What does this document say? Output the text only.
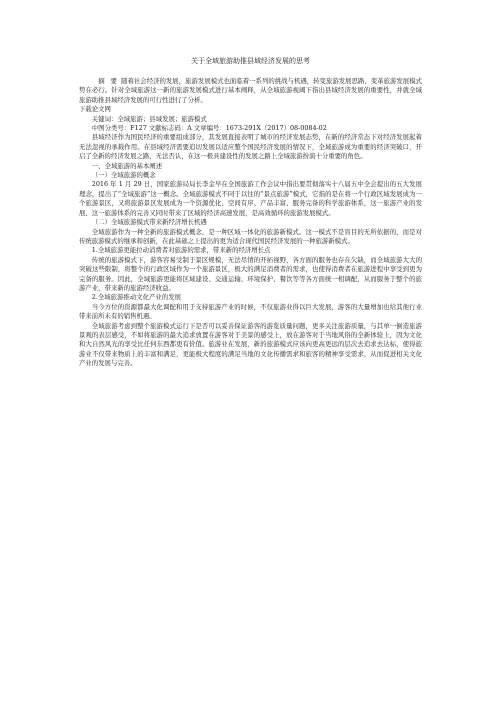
关于全域旅游助推县域经济发展的思考

摘 要 随着社会经济的发展，旅游发展模式也面临着一系列的挑战与机遇，转变旅游发展思路、变革旅游发展模式势在必行。针对全域旅游这一新的旅游发展模式进行基本阐释，从全域旅游视阈下指出县域经济发展的重要性，并就全域旅游助推县域经济发展的可行性进行了分析。

下载论文网

关键词：全域旅游；县域发展；旅游模式

中图分类号：F127 文献标志码：A 文章编号：1673-291X（2017）08-0084-02

县域经济作为国民经济的重要组成部分，其发展直接表明了城市的经济发展态势，在新的经济常态下对经济发展起着无法忽视的承载作用。在县域经济需要追切发展以适应整个国民经济发展的情况下，全域旅游成为重要的经济突破口，开启了全新的经济发展之路，无法否认，在这一极具建设性的发展之路上全域旅游扮演十分重要的角色。

一、全域旅游的基本阐述

（一）全域旅游的概念

2016 年 1 月 29 日，国家旅游局局长李金早在全国旅游工作会议中指出要贯彻落实十八届五中全会提出的五大发展理念，提出了“全域旅游”这一概念。全域旅游模式不同于以往的“景点旅游”模式，它指的是在将一个行政区域发展成为一个旅游景区，又将旅游景区发展成为一个资源优化、空间有序、产品丰富、服务完备的科学旅游体系，这一旅游产业的发展、这一旅游体系的完善又同时带来了区域的经济高速发展，是高效循环的旅游发展模式。

（二）全域旅游模式带来新经济增长机遇

全域旅游作为一种全新的旅游模式概念，是一种区域一体化的旅游新模式。这一模式不是盲目的无所依据的，而是对传统旅游模式的继承和创新，在此基础之上提出的更为适合现代国民经济发展的一种旅游新模式。

1.全域旅游更能拉动消费者对旅游的需求，带来新的经济增长点

传统的旅游模式下，游客容易受制于景区规模，无法尽情的开拓视野，各方面的服务也存在欠缺，而全域旅游大大的突破这些限制，将整个的行政区域作为一个旅游景区，极大的满足消费者的需求，也使得消费者在旅游进程中享受到更为完备的服务。因此，全域旅游更能将区域建设、交通运输、环境保护、餐饮等等各方面统一相调配，从而服务于整个的旅游产业，带来新的旅游经济收益。

2.全域旅游推动文化产业的发展

当今方位的资源都最大化调配和用于支持旅游产业的时候，不仅旅游业得以巨大发展，游客的大量增加也给其他行业带来前所未有的销售机遇。

全域旅游考虑到整个旅游模式运行下是否可以妥善保证游客的游览质量问题，更多关注旅游质量，与其单一倒造旅游景观的表层感受，不如将旅游的最大追求放置在游客对于美景的感受上，放在游客对于当地风俗的全新体验上，因为文化和大自然风光的享受比任何东西都更有价值。旅游业在发展，新的旅游模式应该向更高更远的层次去追求去达标，使得旅游业不仅带来物质上的丰富和满足，更能极大程度的满足当地的文化传播需求和旅客的精神享受需求，从而促进相关文化产业的发展与完善。
